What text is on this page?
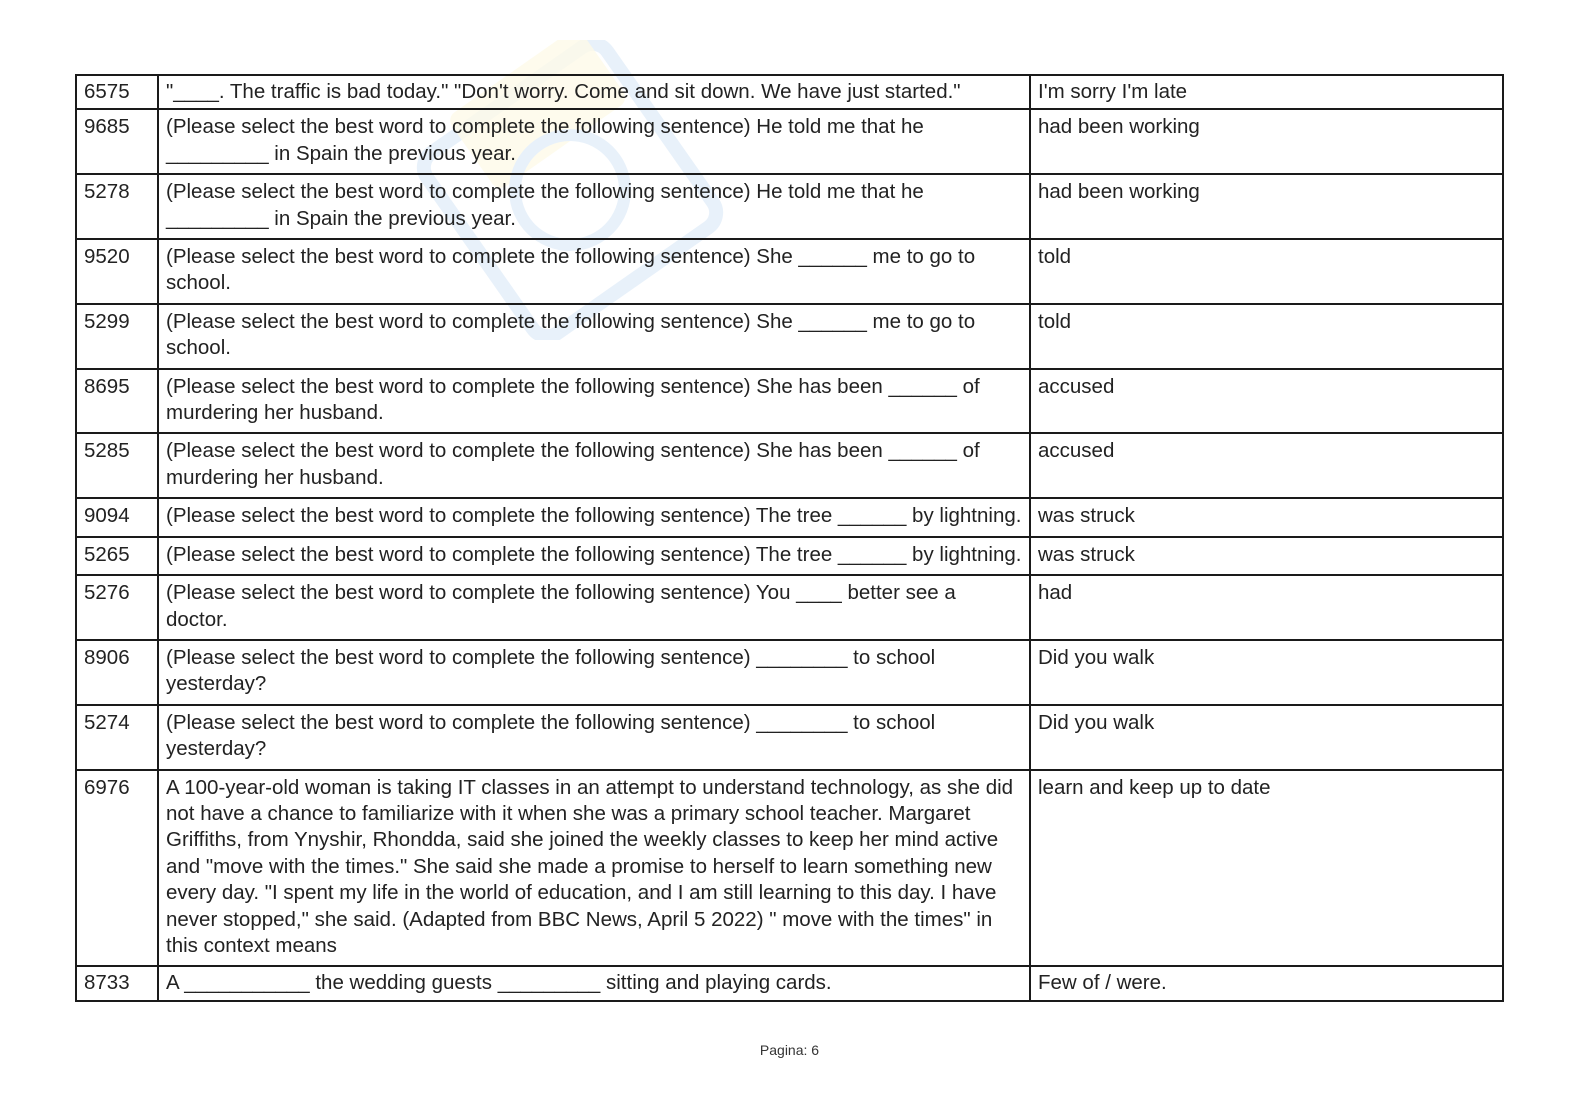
6575	"____. The traffic is bad today." "Don't worry. Come and sit down. We have just started."	I'm sorry I'm late
9685	(Please select the best word to complete the following sentence) He told me that he _________ in Spain the previous year.	had been working
5278	(Please select the best word to complete the following sentence) He told me that he _________ in Spain the previous year.	had been working
9520	(Please select the best word to complete the following sentence) She ______ me to go to school.	told
5299	(Please select the best word to complete the following sentence) She ______ me to go to school.	told
8695	(Please select the best word to complete the following sentence) She has been ______ of murdering her husband.	accused
5285	(Please select the best word to complete the following sentence) She has been ______ of murdering her husband.	accused
9094	(Please select the best word to complete the following sentence) The tree ______ by lightning.	was struck
5265	(Please select the best word to complete the following sentence) The tree ______ by lightning.	was struck
5276	(Please select the best word to complete the following sentence) You ____ better see a doctor.	had
8906	(Please select the best word to complete the following sentence) ________ to school yesterday?	Did you walk
5274	(Please select the best word to complete the following sentence) ________ to school yesterday?	Did you walk
6976	A 100-year-old woman is taking IT classes in an attempt to understand technology, as she did not have a chance to familiarize with it when she was a primary school teacher. Margaret Griffiths, from Ynyshir, Rhondda, said she joined the weekly classes to keep her mind active and "move with the times." She said she made a promise to herself to learn something new every day. "I spent my life in the world of education, and I am still learning to this day. I have never stopped," she said. (Adapted from BBC News, April 5 2022) " move with the times" in this context means	learn and keep up to date
8733	A ___________ the wedding guests _________ sitting and playing cards.	Few of / were.
Pagina: 6
